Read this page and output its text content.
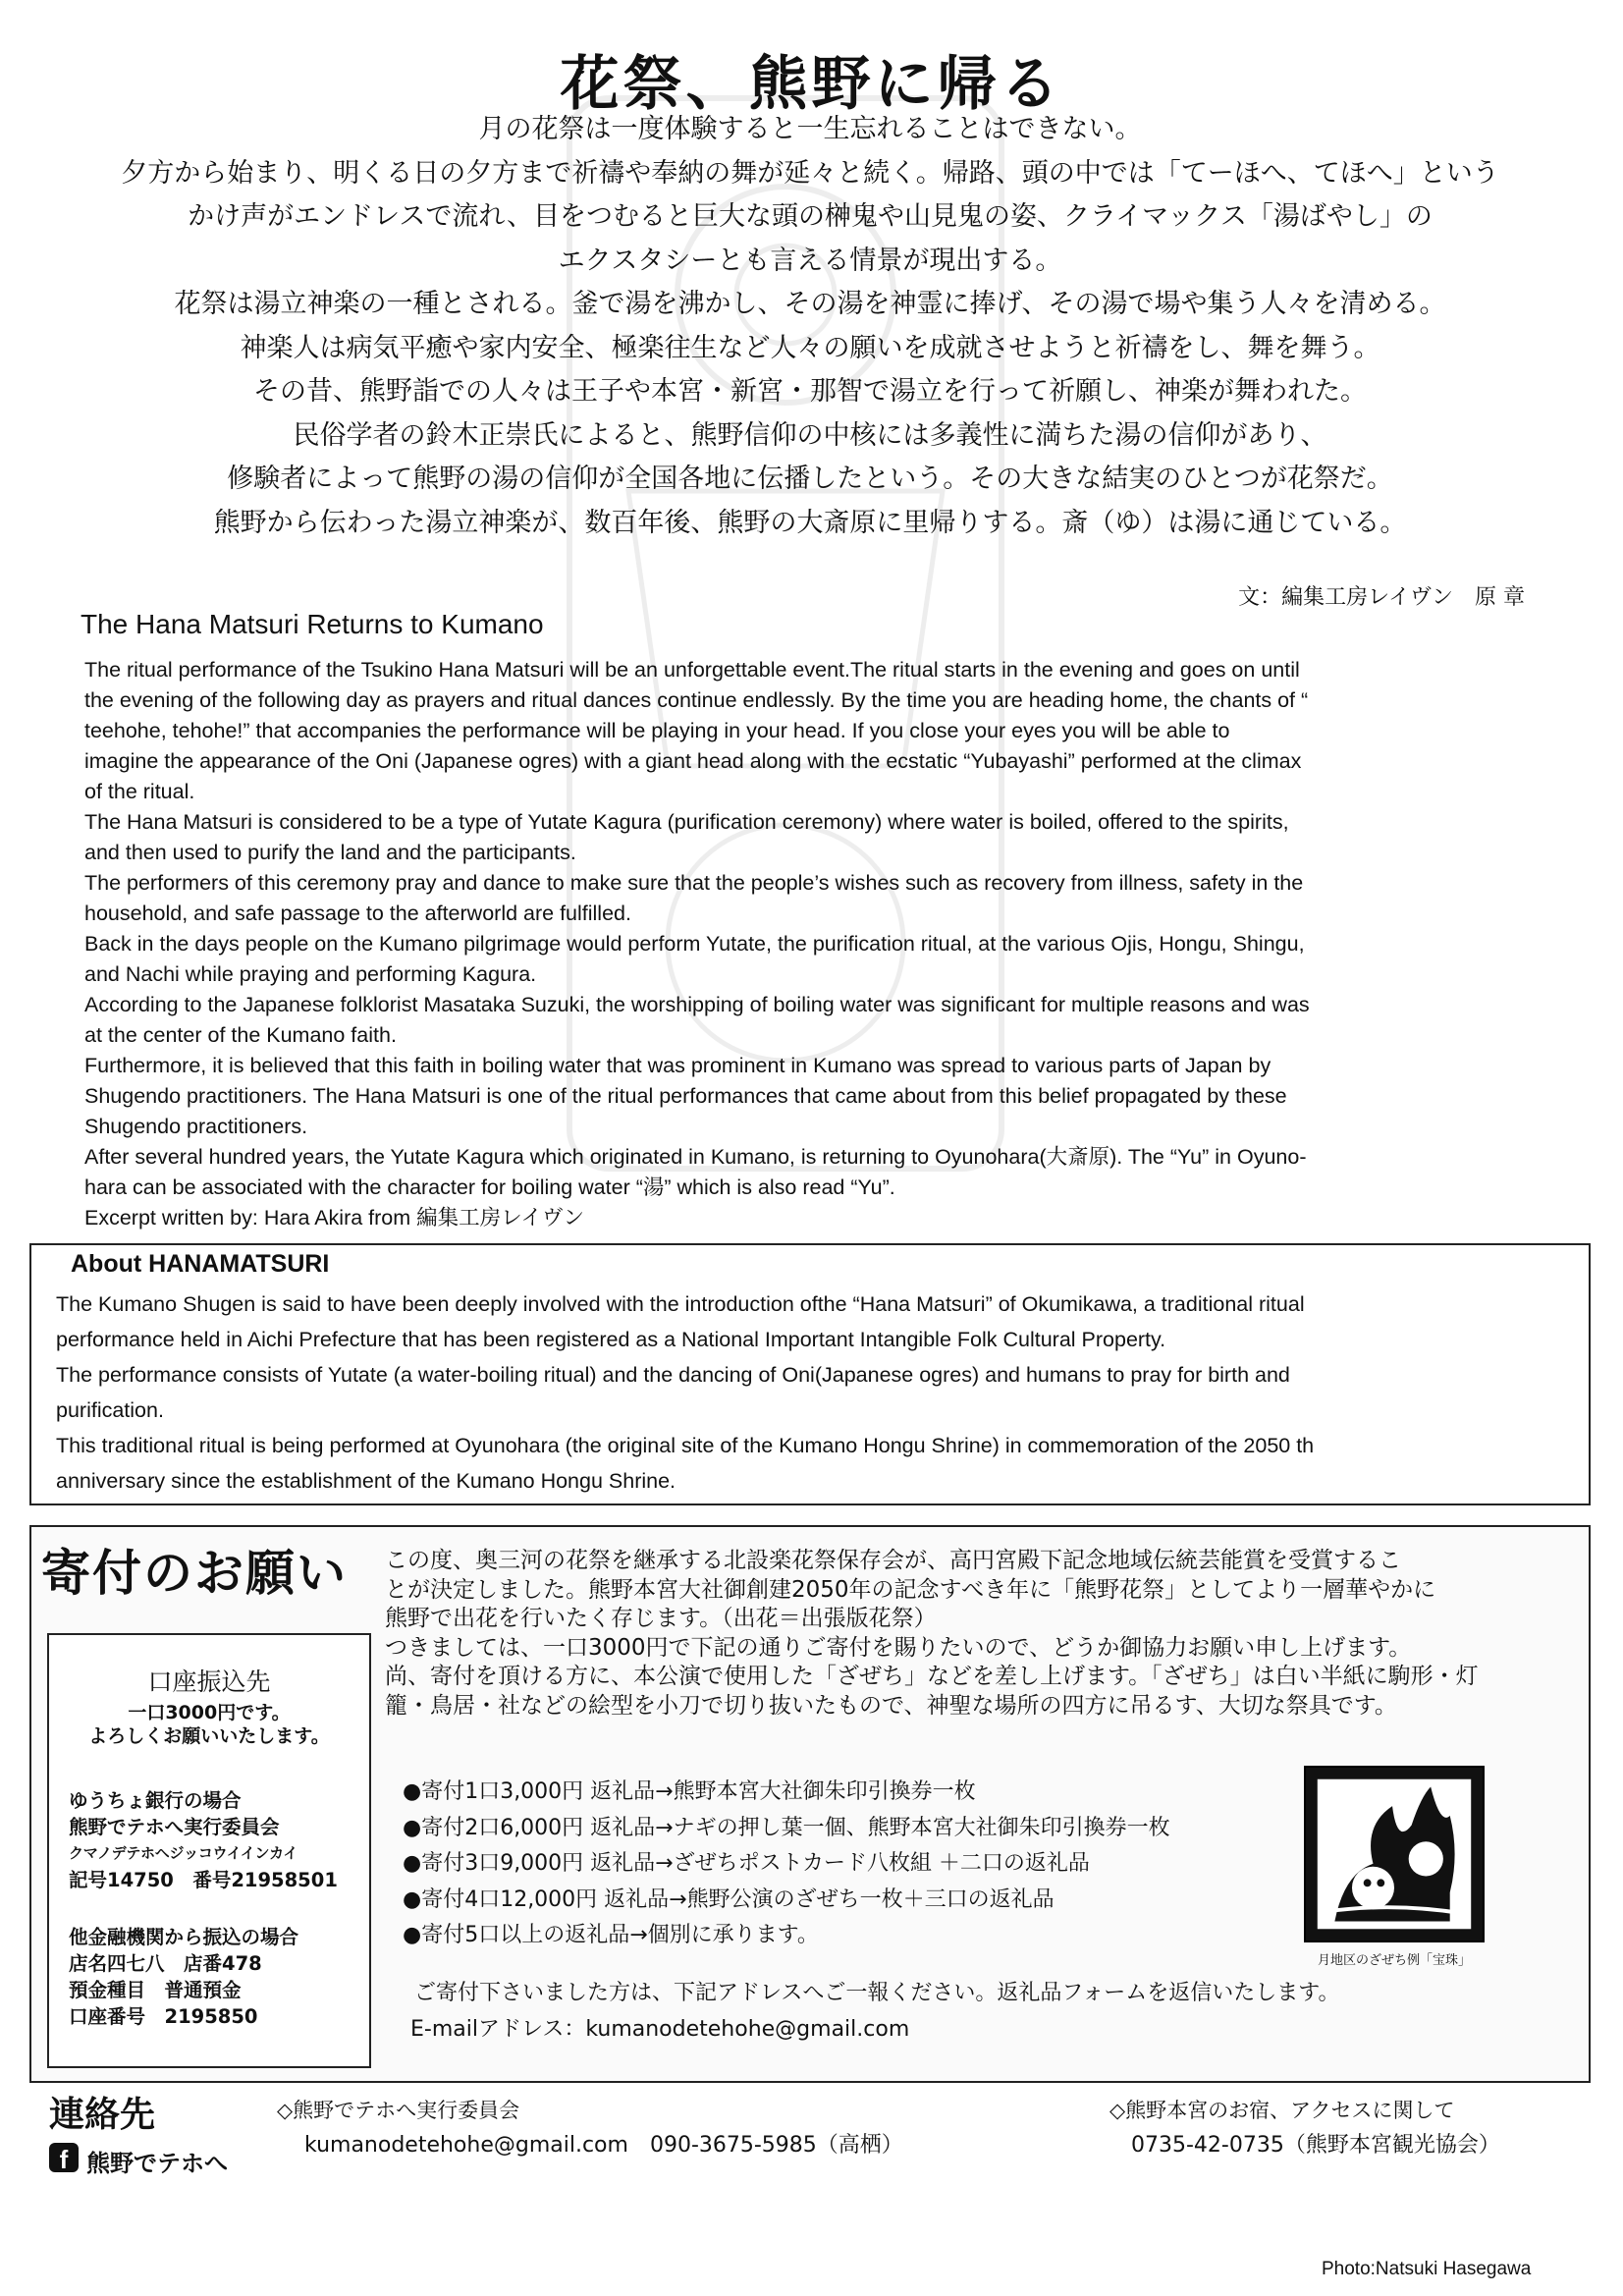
花祭、熊野に帰る
月の花祭は一度体験すると一生忘れることはできない。
夕方から始まり、明くる日の夕方まで祈禱や奉納の舞が延々と続く。帰路、頭の中では「てーほへ、てほへ」という
かけ声がエンドレスで流れ、目をつむると巨大な頭の榊鬼や山見鬼の姿、クライマックス「湯ばやし」の
エクスタシーとも言える情景が現出する。
花祭は湯立神楽の一種とされる。釜で湯を沸かし、その湯を神霊に捧げ、その湯で場や集う人々を清める。
神楽人は病気平癒や家内安全、極楽往生など人々の願いを成就させようと祈禱をし、舞を舞う。
その昔、熊野詣での人々は王子や本宮・新宮・那智で湯立を行って祈願し、神楽が舞われた。
民俗学者の鈴木正崇氏によると、熊野信仰の中核には多義性に満ちた湯の信仰があり、
修験者によって熊野の湯の信仰が全国各地に伝播したという。その大きな結実のひとつが花祭だ。
熊野から伝わった湯立神楽が、数百年後、熊野の大斎原に里帰りする。斎（ゆ）は湯に通じている。
文：編集工房レイヴン　原 章
The Hana Matsuri Returns to Kumano
The ritual performance of the Tsukino Hana Matsuri will be an unforgettable event.The ritual starts in the evening and goes on until
the evening of the following day as prayers and ritual dances continue endlessly. By the time you are heading home, the chants of “
teehohe, tehohe!” that accompanies the performance will be playing in your head. If you close your eyes you will be able to
imagine the appearance of the Oni (Japanese ogres) with a giant head along with the ecstatic “Yubayashi” performed at the climax
of the ritual.
The Hana Matsuri is considered to be a type of Yutate Kagura (purification ceremony) where water is boiled, offered to the spirits,
and then used to purify the land and the participants.
The performers of this ceremony pray and dance to make sure that the people’s wishes such as recovery from illness, safety in the
household, and safe passage to the afterworld are fulfilled.
Back in the days people on the Kumano pilgrimage would perform Yutate, the purification ritual, at the various Ojis, Hongu, Shingu,
and Nachi while praying and performing Kagura.
According to the Japanese folklorist Masataka Suzuki, the worshipping of boiling water was significant for multiple reasons and was
at the center of the Kumano faith.
Furthermore, it is believed that this faith in boiling water that was prominent in Kumano was spread to various parts of Japan by
Shugendo practitioners. The Hana Matsuri is one of the ritual performances that came about from this belief propagated by these
Shugendo practitioners.
After several hundred years, the Yutate Kagura which originated in Kumano, is returning to Oyunohara(大斎原). The “Yu” in Oyuno-
hara can be associated with the character for boiling water “湯” which is also read “Yu”.
Excerpt written by: Hara Akira from 編集工房レイヴン
About HANAMATSURI
The Kumano Shugen is said to have been deeply involved with the introduction ofthe “Hana Matsuri” of Okumikawa, a traditional ritual
performance held in Aichi Prefecture that has been registered as a National Important Intangible Folk Cultural Property.
The performance consists of Yutate (a water-boiling ritual) and the dancing of Oni(Japanese ogres) and humans to pray for birth and
purification.
This traditional ritual is being performed at Oyunohara (the original site of the Kumano Hongu Shrine) in commemoration of the 2050 th
anniversary since the establishment of the Kumano Hongu Shrine.
寄付のお願い この度、奥三河の花祭を継承する北設楽花祭保存会が、高円宮殿下記念地域伝統芸能賞を受賞するこ
とが決定しました。熊野本宮大社御創建2050年の記念すべき年に「熊野花祭」としてより一層華やかに
熊野で出花を行いたく存じます。（出花＝出張版花祭）
つきましては、一口3000円で下記の通りご寄付を賜りたいので、どうか御協力お願い申し上げます。
尚、寄付を頂ける方に、本公演で使用した「ざぜち」などを差し上げます。「ざぜち」は白い半紙に駒形・灯
籠・鳥居・社などの絵型を小刀で切り抜いたもので、神聖な場所の四方に吊るす、大切な祭具です。
口座振込先
一口3000円です。
よろしくお願いいたします。
ゆうちょ銀行の場合
熊野でテホへ実行委員会
クマノデテホヘジッコウイインカイ
記号14750　番号21958501
他金融機関から振込の場合
店名四七八　店番478
預金種目　普通預金
口座番号　2195850
●寄付1口3,000円 返礼品→熊野本宮大社御朱印引換券一枚
●寄付2口6,000円 返礼品→ナギの押し葉一個、熊野本宮大社御朱印引換券一枚
●寄付3口9,000円 返礼品→ざぜちポストカード八枚組 ＋二口の返礼品
●寄付4口12,000円 返礼品→熊野公演のざぜち一枚＋三口の返礼品
●寄付5口以上の返礼品→個別に承ります。
月地区のざぜち例「宝珠」
ご寄付下さいました方は、下記アドレスへご一報ください。返礼品フォームを返信いたします。
E-mailアドレス：kumanodetehohe@gmail.com
連絡先
f 熊野でテホへ
◇熊野でテホへ実行委員会
kumanodetehohe@gmail.com　090-3675-5985（高栖）
◇熊野本宮のお宿、アクセスに関して
0735-42-0735（熊野本宮観光協会）
Photo:Natsuki Hasegawa
